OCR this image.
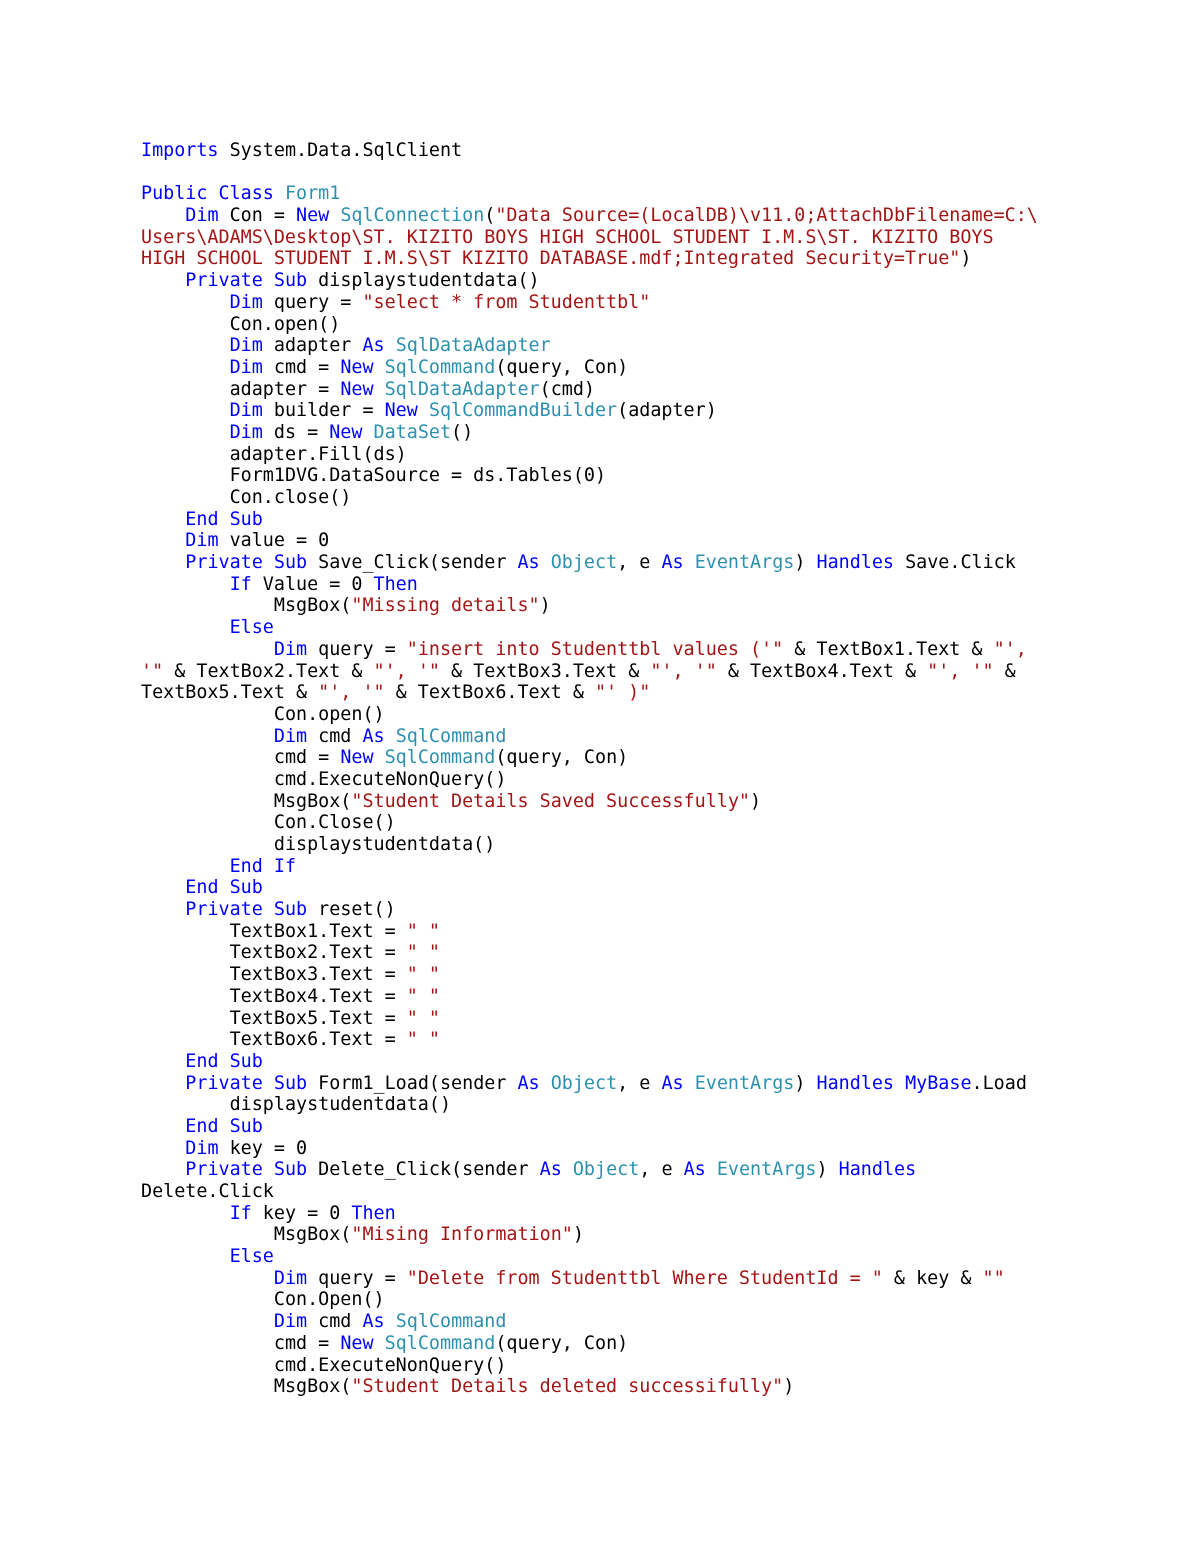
Imports System.Data.SqlClient
Public Class Form1
Dim Con = New SqlConnection("Data Source=(LocalDB)\v11.0;AttachDbFilename=C:\
Users\ADAMS\Desktop\ST. KIZITO BOYS HIGH SCHOOL STUDENT I.M.S\ST. KIZITO BOYS
HIGH SCHOOL STUDENT I.M.S\ST KIZITO DATABASE.mdf;Integrated Security=True")
Private Sub displaystudentdata()
Dim query = "select * from Studenttbl"
Con.open()
Dim adapter As SqlDataAdapter
Dim cmd = New SqlCommand(query, Con)
adapter = New SqlDataAdapter(cmd)
Dim builder = New SqlCommandBuilder(adapter)
Dim ds = New DataSet()
adapter.Fill(ds)
Form1DVG.DataSource = ds.Tables(0)
Con.close()
End Sub
Dim value = 0
Private Sub Save_Click(sender As Object, e As EventArgs) Handles Save.Click
If Value = 0 Then
MsgBox("Missing details")
Else
Dim query = "insert into Studenttbl values ('" & TextBox1.Text & "',
'" & TextBox2.Text & "', '" & TextBox3.Text & "', '" & TextBox4.Text & "', '" &
TextBox5.Text & "', '" & TextBox6.Text & "' )"
Con.open()
Dim cmd As SqlCommand
cmd = New SqlCommand(query, Con)
cmd.ExecuteNonQuery()
MsgBox("Student Details Saved Successfully")
Con.Close()
displaystudentdata()
End If
End Sub
Private Sub reset()
TextBox1.Text = " "
TextBox2.Text = " "
TextBox3.Text = " "
TextBox4.Text = " "
TextBox5.Text = " "
TextBox6.Text = " "
End Sub
Private Sub Form1_Load(sender As Object, e As EventArgs) Handles MyBase.Load
displaystudentdata()
End Sub
Dim key = 0
Private Sub Delete_Click(sender As Object, e As EventArgs) Handles
Delete.Click
If key = 0 Then
MsgBox("Mising Information")
Else
Dim query = "Delete from Studenttbl Where StudentId = " & key & ""
Con.Open()
Dim cmd As SqlCommand
cmd = New SqlCommand(query, Con)
cmd.ExecuteNonQuery()
MsgBox("Student Details deleted successifully")
